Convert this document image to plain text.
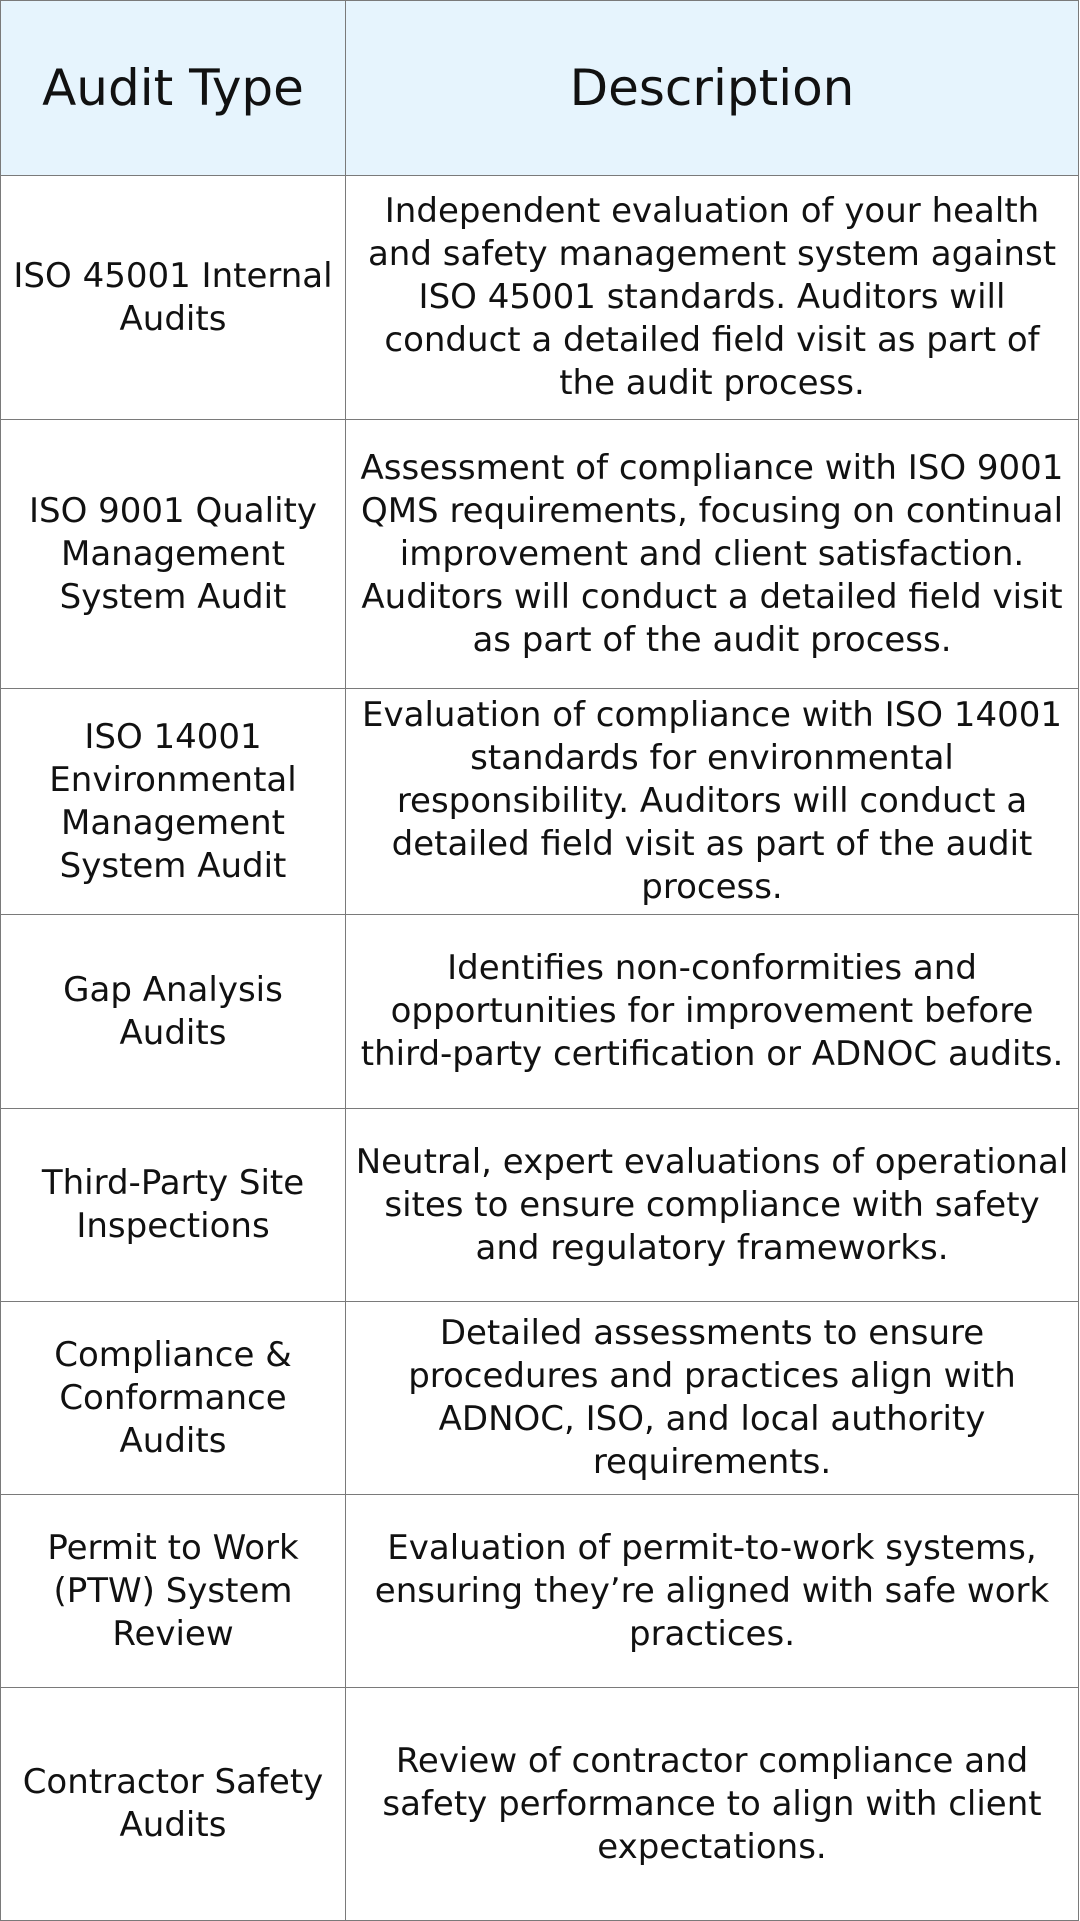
Audit Type	Description
ISO 45001 Internal Audits	Independent evaluation of your health and safety management system against ISO 45001 standards. Auditors will conduct a detailed field visit as part of the audit process.
ISO 9001 Quality Management System Audit	Assessment of compliance with ISO 9001 QMS requirements, focusing on continual improvement and client satisfaction. Auditors will conduct a detailed field visit as part of the audit process.
ISO 14001 Environmental Management System Audit	Evaluation of compliance with ISO 14001 standards for environmental responsibility. Auditors will conduct a detailed field visit as part of the audit process.
Gap Analysis Audits	Identifies non-conformities and opportunities for improvement before third-party certification or ADNOC audits.
Third-Party Site Inspections	Neutral, expert evaluations of operational sites to ensure compliance with safety and regulatory frameworks.
Compliance & Conformance Audits	Detailed assessments to ensure procedures and practices align with ADNOC, ISO, and local authority requirements.
Permit to Work (PTW) System Review	Evaluation of permit-to-work systems, ensuring they’re aligned with safe work practices.
Contractor Safety Audits	Review of contractor compliance and safety performance to align with client expectations.
